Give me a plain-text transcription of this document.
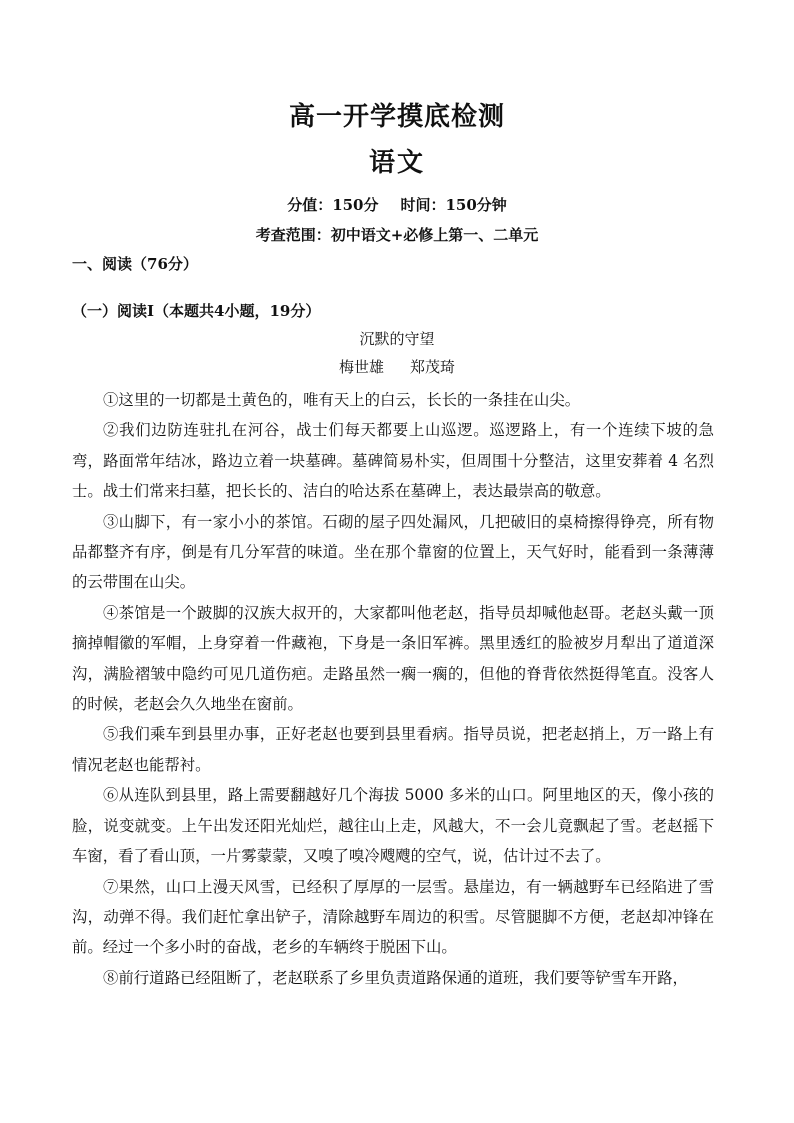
高一开学摸底检测
语文
分值：150分 时间：150分钟
考查范围：初中语文+必修上第一、二单元
一、阅读（76分）
（一）阅读Ⅰ（本题共4小题，19分）
沉默的守望
梅世雄 郑茂琦

①这里的一切都是土黄色的，唯有天上的白云，长长的一条挂在山尖。

②我们边防连驻扎在河谷，战士们每天都要上山巡逻。巡逻路上，有一个连续下坡的急弯，路面常年结冰，路边立着一块墓碑。墓碑简易朴实，但周围十分整洁，这里安葬着 4 名烈士。战士们常来扫墓，把长长的、洁白的哈达系在墓碑上，表达最崇高的敬意。

③山脚下，有一家小小的茶馆。石砌的屋子四处漏风，几把破旧的桌椅擦得铮亮，所有物品都整齐有序，倒是有几分军营的味道。坐在那个靠窗的位置上，天气好时，能看到一条薄薄的云带围在山尖。

④茶馆是一个跛脚的汉族大叔开的，大家都叫他老赵，指导员却喊他赵哥。老赵头戴一顶摘掉帽徽的军帽，上身穿着一件藏袍，下身是一条旧军裤。黑里透红的脸被岁月犁出了道道深沟，满脸褶皱中隐约可见几道伤疤。走路虽然一瘸一瘸的，但他的脊背依然挺得笔直。没客人的时候，老赵会久久地坐在窗前。

⑤我们乘车到县里办事，正好老赵也要到县里看病。指导员说，把老赵捎上，万一路上有情况老赵也能帮衬。

⑥从连队到县里，路上需要翻越好几个海拔 5000 多米的山口。阿里地区的天，像小孩的脸，说变就变。上午出发还阳光灿烂，越往山上走，风越大，不一会儿竟飘起了雪。老赵摇下车窗，看了看山顶，一片雾蒙蒙，又嗅了嗅冷飕飕的空气，说，估计过不去了。

⑦果然，山口上漫天风雪，已经积了厚厚的一层雪。悬崖边，有一辆越野车已经陷进了雪沟，动弹不得。我们赶忙拿出铲子，清除越野车周边的积雪。尽管腿脚不方便，老赵却冲锋在前。经过一个多小时的奋战，老乡的车辆终于脱困下山。

⑧前行道路已经阻断了，老赵联系了乡里负责道路保通的道班，我们要等铲雪车开路，
